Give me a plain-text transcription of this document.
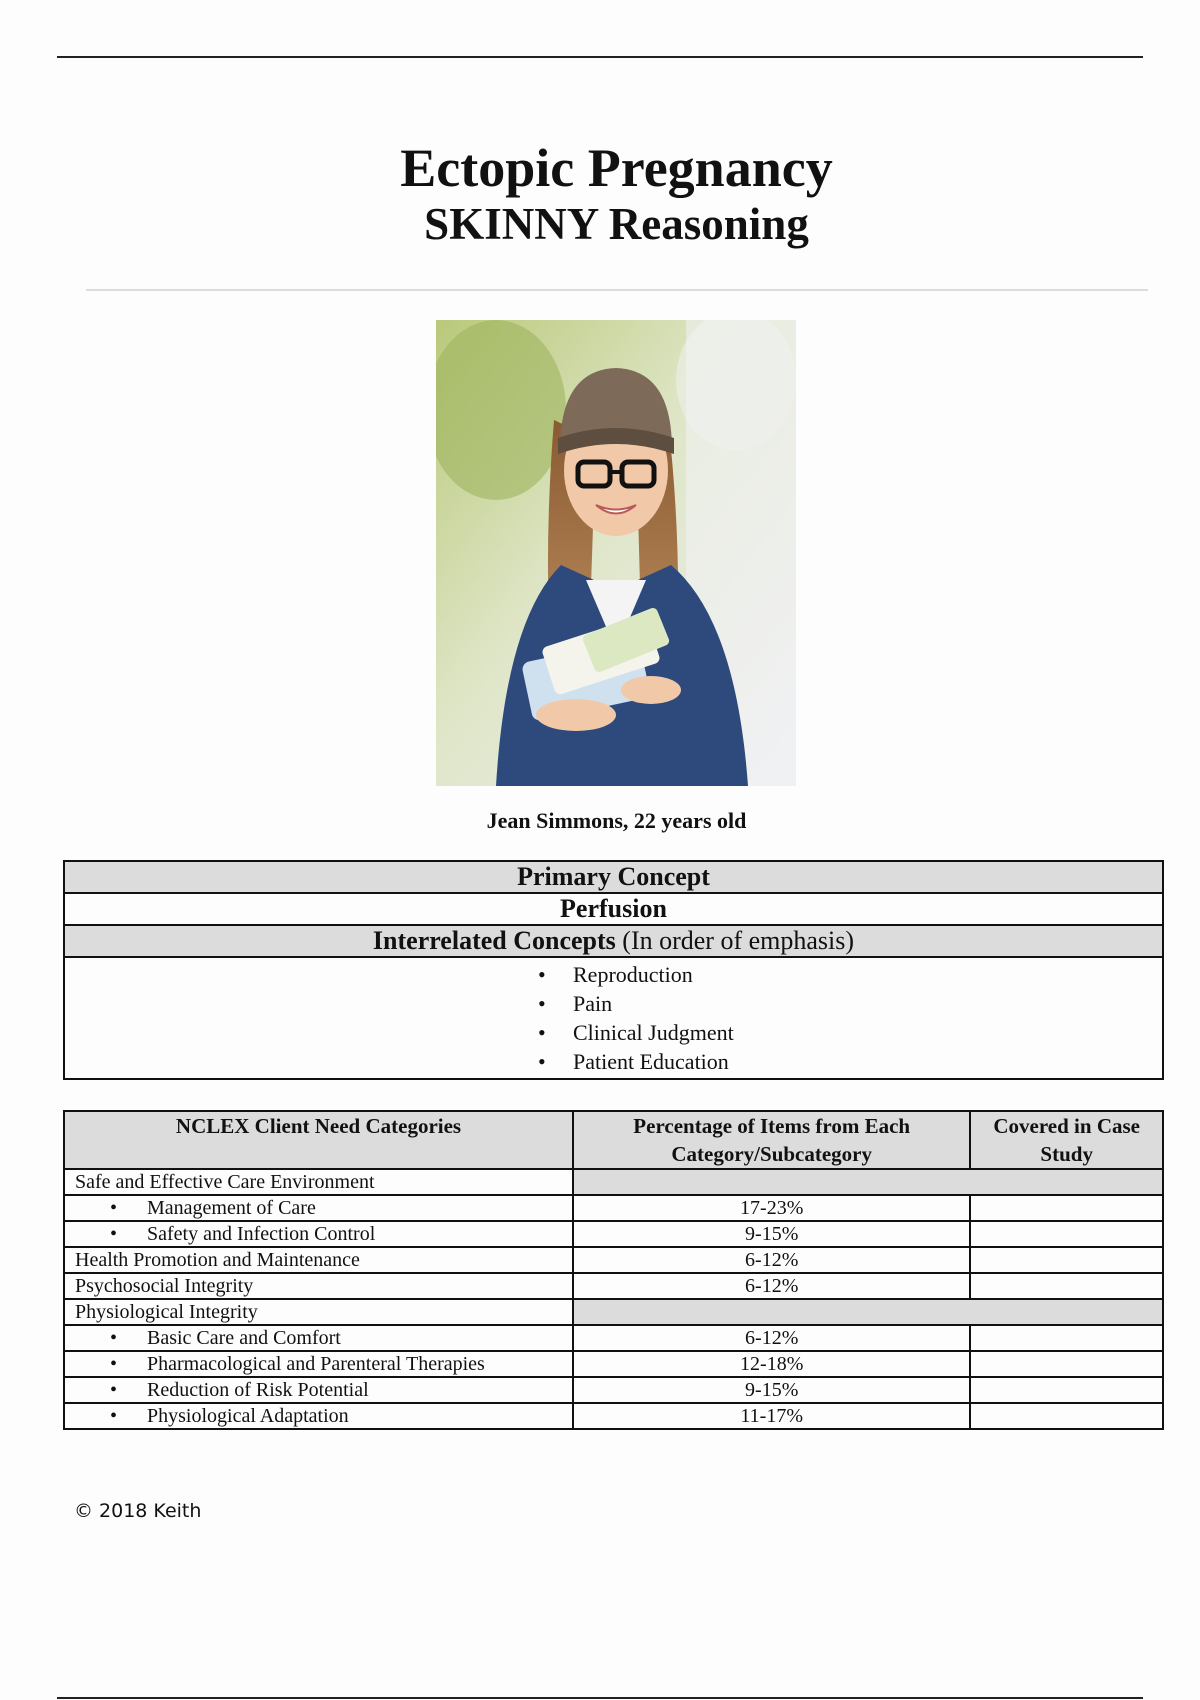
Ectopic Pregnancy
SKINNY Reasoning
Jean Simmons, 22 years old
Primary Concept
Perfusion
Interrelated Concepts (In order of emphasis)

• Reproduction
• Pain
• Clinical Judgment
• Patient Education
NCLEX Client Need Categories	Percentage of Items from Each Category/Subcategory	Covered in Case Study
Safe and Effective Care Environment		
• Management of Care	17-23%	
• Safety and Infection Control	9-15%	
Health Promotion and Maintenance	6-12%	
Psychosocial Integrity	6-12%	
Physiological Integrity		
• Basic Care and Comfort	6-12%	
• Pharmacological and Parenteral Therapies	12-18%	
• Reduction of Risk Potential	9-15%	
• Physiological Adaptation	11-17%	
© 2018 Keith
